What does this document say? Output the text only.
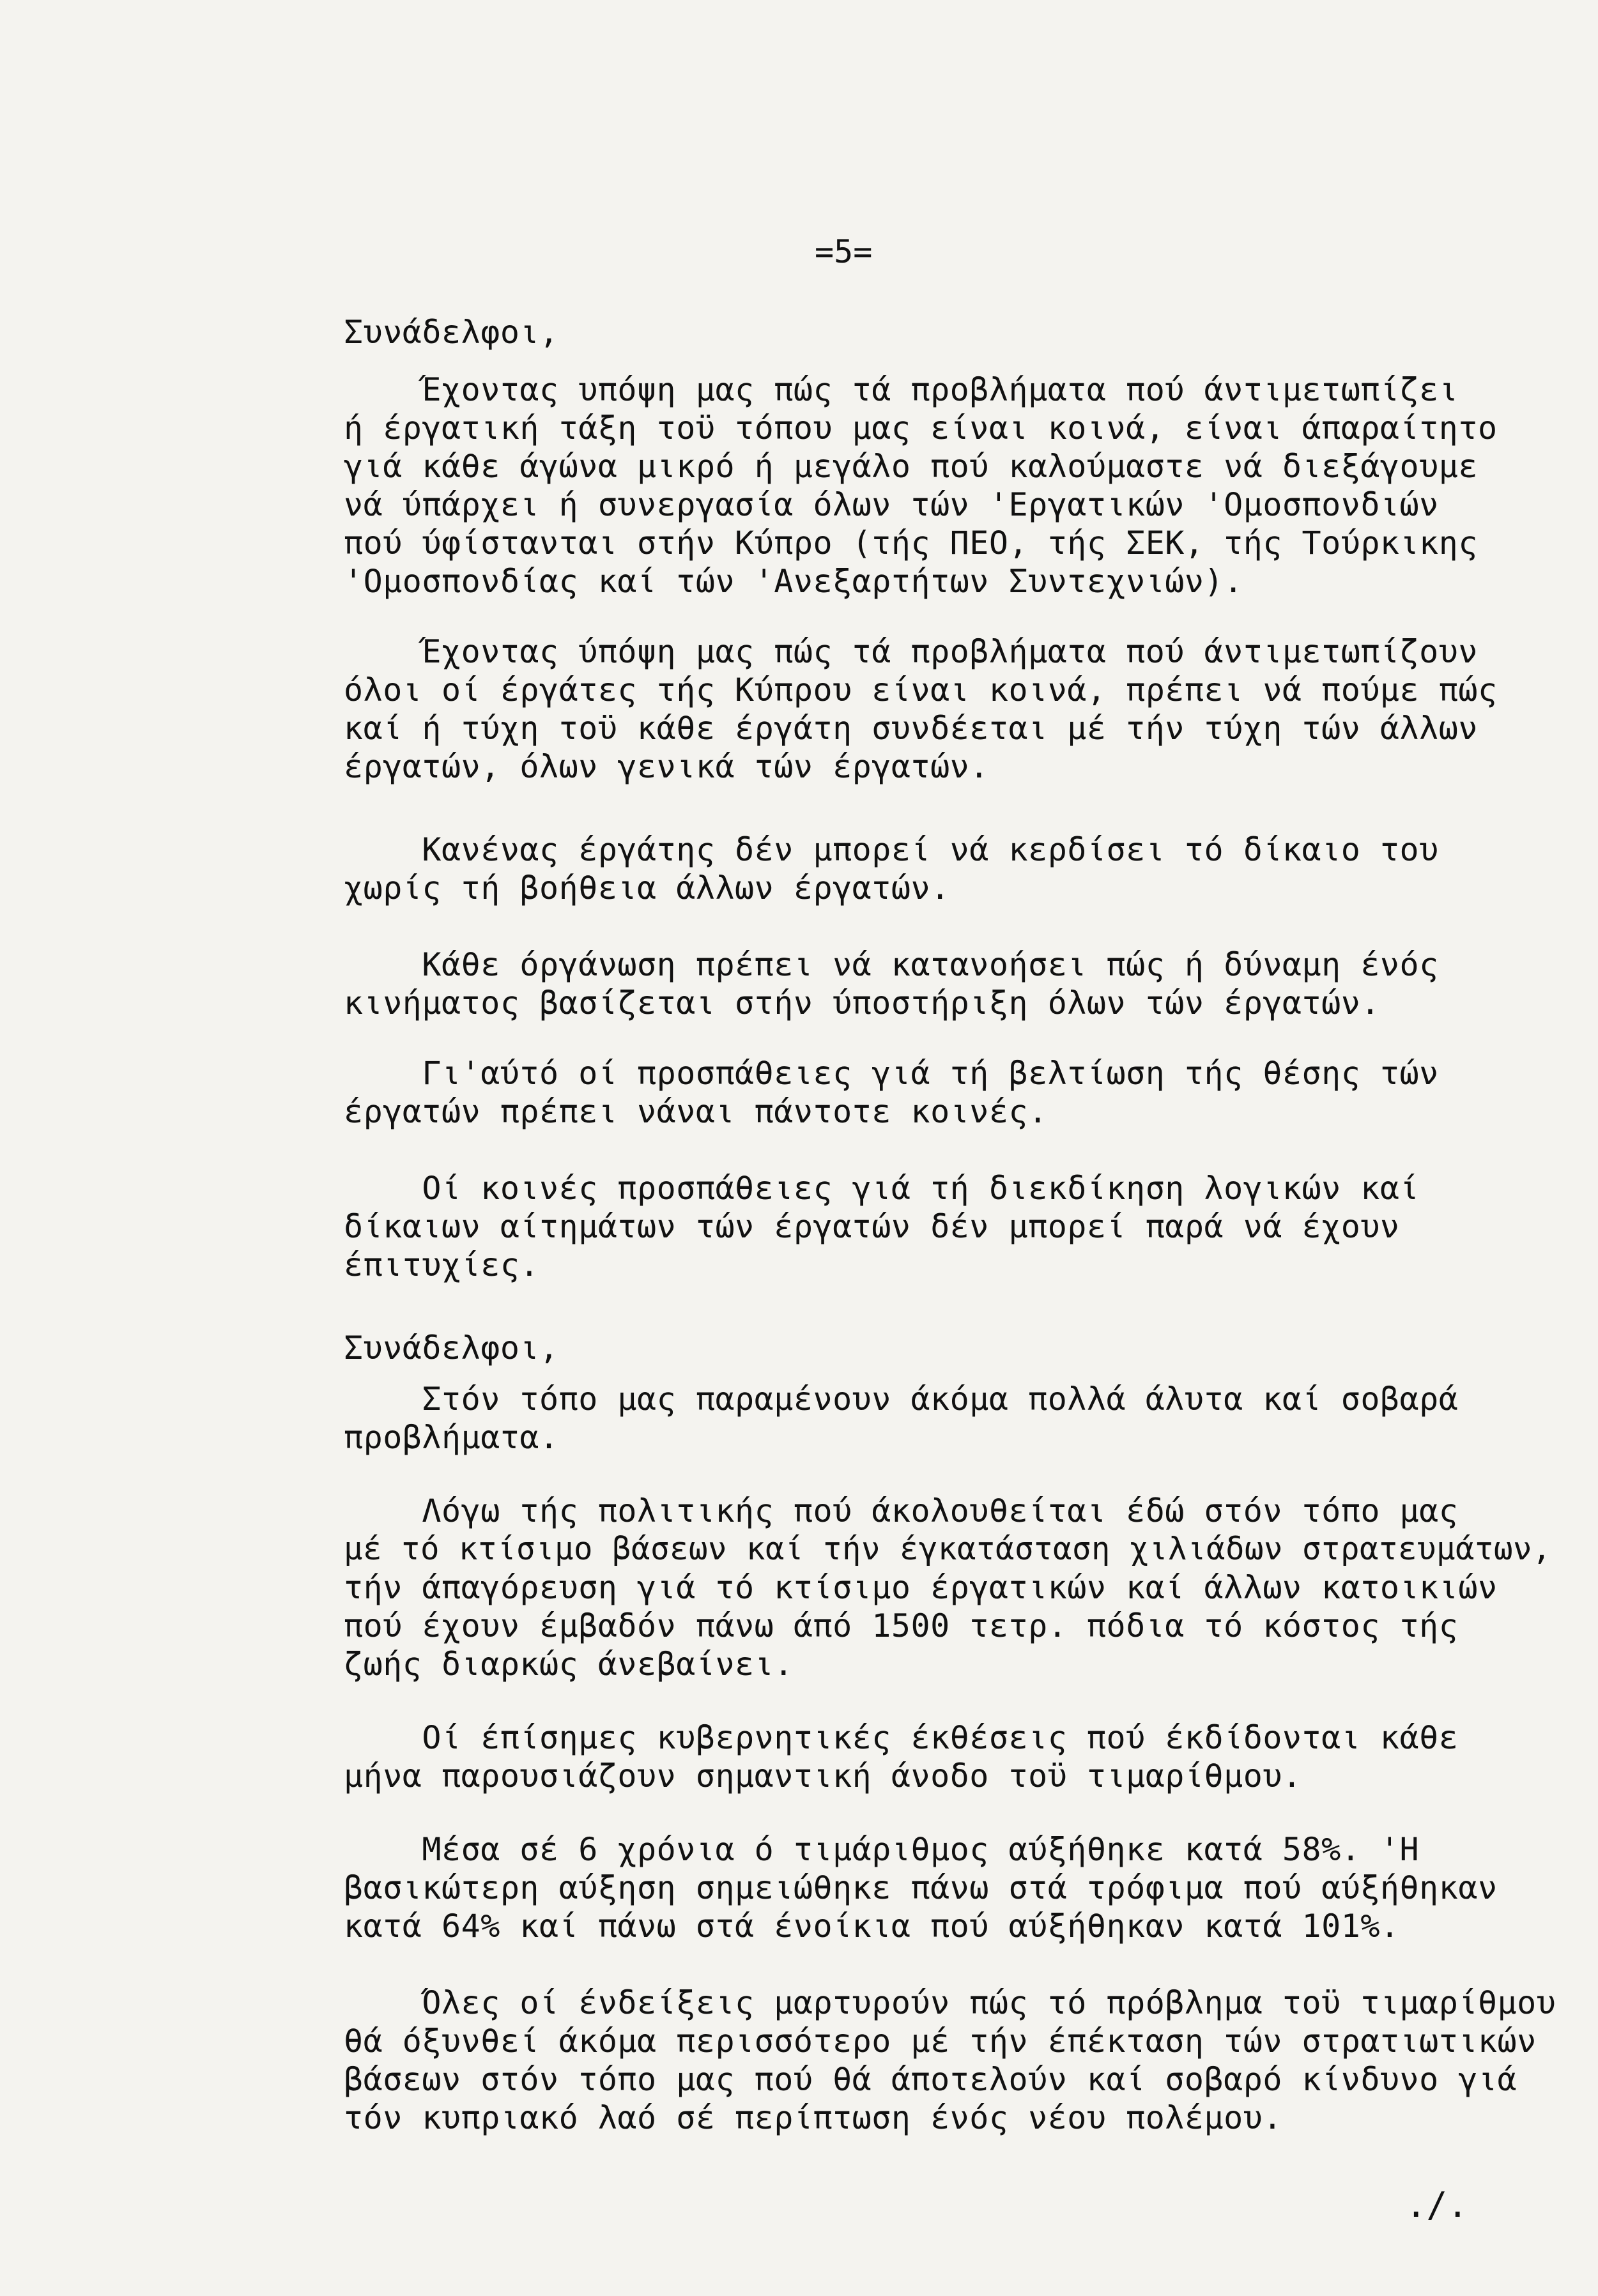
=5=
Συνάδελφοι,
Έχοντας υπόψη μας πώς τά προβλήματα πού άντιμετωπίζει
ή έργατική τάξη τοϋ τόπου μας είναι κοινά, είναι άπαραίτητο
γιά κάθε άγώνα μικρό ή μεγάλο πού καλούμαστε νά διεξάγουμε
νά ύπάρχει ή συνεργασία όλων τών 'Εργατικών 'Ομοσπονδιών
πού ύφίστανται στήν Κύπρο (τής ΠΕΟ, τής ΣΕΚ, τής Τούρκικης
'Ομοσπονδίας καί τών 'Ανεξαρτήτων Συντεχνιών).
Έχοντας ύπόψη μας πώς τά προβλήματα πού άντιμετωπίζουν
όλοι οί έργάτες τής Κύπρου είναι κοινά, πρέπει νά πούμε πώς
καί ή τύχη τοϋ κάθε έργάτη συνδέεται μέ τήν τύχη τών άλλων
έργατών, όλων γενικά τών έργατών.
Κανένας έργάτης δέν μπορεί νά κερδίσει τό δίκαιο του
χωρίς τή βοήθεια άλλων έργατών.
Κάθε όργάνωση πρέπει νά κατανοήσει πώς ή δύναμη ένός
κινήματος βασίζεται στήν ύποστήριξη όλων τών έργατών.
Γι'αύτό οί προσπάθειες γιά τή βελτίωση τής θέσης τών
έργατών πρέπει νάναι πάντοτε κοινές.
Οί κοινές προσπάθειες γιά τή διεκδίκηση λογικών καί
δίκαιων αίτημάτων τών έργατών δέν μπορεί παρά νά έχουν
έπιτυχίες.
Συνάδελφοι,
Στόν τόπο μας παραμένουν άκόμα πολλά άλυτα καί σοβαρά
προβλήματα.
Λόγω τής πολιτικής πού άκολουθείται έδώ στόν τόπο μας
μέ τό κτίσιμο βάσεων καί τήν έγκατάσταση χιλιάδων στρατευμάτων,
τήν άπαγόρευση γιά τό κτίσιμο έργατικών καί άλλων κατοικιών
πού έχουν έμβαδόν πάνω άπό 1500 τετρ. πόδια τό κόστος τής
ζωής διαρκώς άνεβαίνει.
Οί έπίσημες κυβερνητικές έκθέσεις πού έκδίδονται κάθε
μήνα παρουσιάζουν σημαντική άνοδο τοϋ τιμαρίθμου.
Μέσα σέ 6 χρόνια ό τιμάριθμος αύξήθηκε κατά 58%. 'Η
βασικώτερη αύξηση σημειώθηκε πάνω στά τρόφιμα πού αύξήθηκαν
κατά 64% καί πάνω στά ένοίκια πού αύξήθηκαν κατά 101%.
Όλες οί ένδείξεις μαρτυρούν πώς τό πρόβλημα τοϋ τιμαρίθμου
θά όξυνθεί άκόμα περισσότερο μέ τήν έπέκταση τών στρατιωτικών
βάσεων στόν τόπο μας πού θά άποτελούν καί σοβαρό κίνδυνο γιά
τόν κυπριακό λαό σέ περίπτωση ένός νέου πολέμου.
./.
